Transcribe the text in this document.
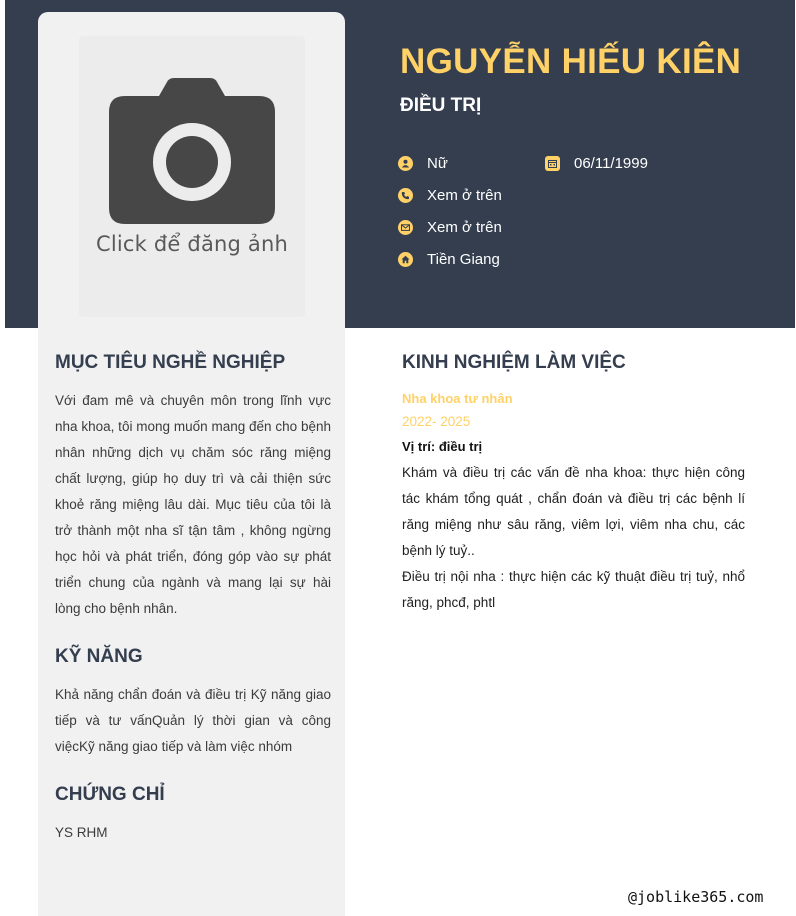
Click để đăng ảnh
NGUYỄN HIẾU KIÊN
ĐIỀU TRỊ
Nữ	06/11/1999
Xem ở trên
Xem ở trên
Tiền Giang
MỤC TIÊU NGHỀ NGHIỆP
Với đam mê và chuyên môn trong lĩnh vực nha khoa, tôi mong muốn mang đến cho bệnh nhân những dịch vụ chăm sóc răng miệng chất lượng, giúp họ duy trì và cải thiện sức khoẻ răng miệng lâu dài. Mục tiêu của tôi là trở thành một nha sĩ tận tâm , không ngừng học hỏi và phát triển, đóng góp vào sự phát triển chung của ngành và mang lại sự hài lòng cho bệnh nhân.
KỸ NĂNG
Khả năng chẩn đoán và điều trị Kỹ năng giao tiếp và tư vấnQuản lý thời gian và công việcKỹ năng giao tiếp và làm việc nhóm
CHỨNG CHỈ
YS RHM
KINH NGHIỆM LÀM VIỆC
Nha khoa tư nhân
2022- 2025
Vị trí: điều trị
Khám và điều trị các vấn đề nha khoa: thực hiện công tác khám tổng quát , chẩn đoán và điều trị các bệnh lí răng miệng như sâu răng, viêm lợi, viêm nha chu, các bệnh lý tuỷ..
Điều trị nội nha : thực hiện các kỹ thuật điều trị tuỷ, nhổ răng, phcđ, phtl
@joblike365.com
